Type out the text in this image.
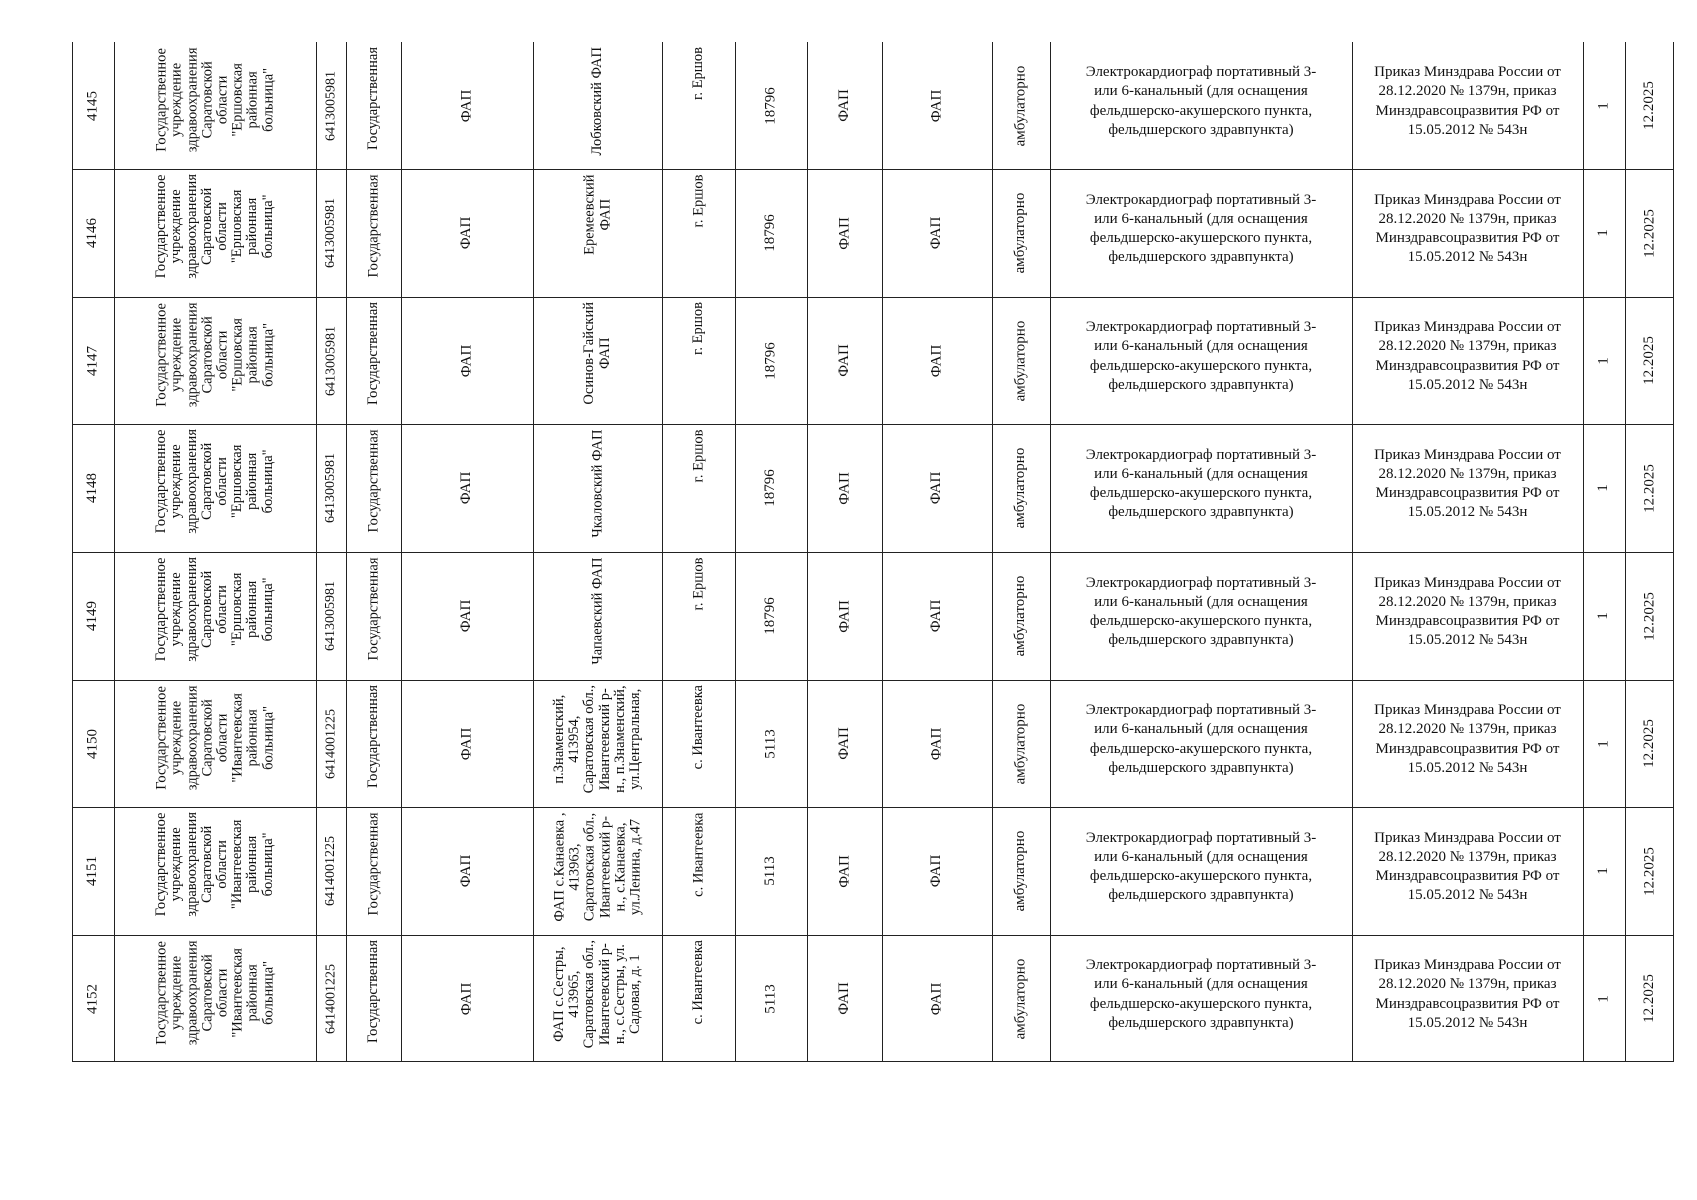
4145	Государственное
учреждение
здравоохранения
Саратовской
области
"Ершовская
районная
больница"	6413005981	Государственная	ФАП	Лобковский ФАП	г. Ершов
18796	ФАП	ФАП	амбулаторно	Электрокардиограф портативный 3-
или 6-канальный (для оснащения
фельдшерско-акушерского пункта,
фельдшерского здравпункта)
Приказ Минздрава России от
28.12.2020 № 1379н, приказ
Минздравсоцразвития РФ от
15.05.2012 № 543н
1	12.2025
4146	Государственное
учреждение
здравоохранения
Саратовской
области
"Ершовская
районная
больница"	6413005981	Государственная	ФАП	Еремеевский
ФАП	г. Ершов
18796	ФАП	ФАП	амбулаторно	Электрокардиограф портативный 3-
или 6-канальный (для оснащения
фельдшерско-акушерского пункта,
фельдшерского здравпункта)
Приказ Минздрава России от
28.12.2020 № 1379н, приказ
Минздравсоцразвития РФ от
15.05.2012 № 543н
1	12.2025
4147	Государственное
учреждение
здравоохранения
Саратовской
области
"Ершовская
районная
больница"	6413005981	Государственная	ФАП	Осинов-Гайский
ФАП	г. Ершов
18796	ФАП	ФАП	амбулаторно	Электрокардиограф портативный 3-
или 6-канальный (для оснащения
фельдшерско-акушерского пункта,
фельдшерского здравпункта)
Приказ Минздрава России от
28.12.2020 № 1379н, приказ
Минздравсоцразвития РФ от
15.05.2012 № 543н
1	12.2025
4148	Государственное
учреждение
здравоохранения
Саратовской
области
"Ершовская
районная
больница"	6413005981	Государственная	ФАП	Чкаловский ФАП	г. Ершов
18796	ФАП	ФАП	амбулаторно	Электрокардиограф портативный 3-
или 6-канальный (для оснащения
фельдшерско-акушерского пункта,
фельдшерского здравпункта)
Приказ Минздрава России от
28.12.2020 № 1379н, приказ
Минздравсоцразвития РФ от
15.05.2012 № 543н
1	12.2025
4149	Государственное
учреждение
здравоохранения
Саратовской
области
"Ершовская
районная
больница"	6413005981	Государственная	ФАП	Чапаевский ФАП	г. Ершов
18796	ФАП	ФАП	амбулаторно	Электрокардиограф портативный 3-
или 6-канальный (для оснащения
фельдшерско-акушерского пункта,
фельдшерского здравпункта)
Приказ Минздрава России от
28.12.2020 № 1379н, приказ
Минздравсоцразвития РФ от
15.05.2012 № 543н
1	12.2025
4150	Государственное
учреждение
здравоохранения
Саратовской
области
"Ивантеевская
районная
больница"	6414001225	Государственная	ФАП	п.Знаменский,
413954,
Саратовская обл.,
Ивантеевский р-
н., п.Знаменский,
ул.Центральная,	с. Ивантеевка	5113	ФАП	ФАП	амбулаторно	Электрокардиограф портативный 3-
или 6-канальный (для оснащения
фельдшерско-акушерского пункта,
фельдшерского здравпункта)
Приказ Минздрава России от
28.12.2020 № 1379н, приказ
Минздравсоцразвития РФ от
15.05.2012 № 543н
1	12.2025
4151	Государственное
учреждение
здравоохранения
Саратовской
области
"Ивантеевская
районная
больница"	6414001225	Государственная	ФАП
ФАП с.Канаевка ,
413963,
Саратовская обл.,
Ивантеевский р-
н., с.Канаевка,
ул.Ленина, д.47	с. Ивантеевка	5113	ФАП	ФАП	амбулаторно	Электрокардиограф портативный 3-
или 6-канальный (для оснащения
фельдшерско-акушерского пункта,
фельдшерского здравпункта)
Приказ Минздрава России от
28.12.2020 № 1379н, приказ
Минздравсоцразвития РФ от
15.05.2012 № 543н
1	12.2025
4152	Государственное
учреждение
здравоохранения
Саратовской
области
"Ивантеевская
районная
больница"	6414001225	Государственная	ФАП
ФАП с.Сестры,
413965,
Саратовская обл.,
Ивантеевский р-
н., с.Сестры, ул.
Садовая, д. 1	с. Ивантеевка	5113	ФАП	ФАП	амбулаторно	Электрокардиограф портативный 3-
или 6-канальный (для оснащения
фельдшерско-акушерского пункта,
фельдшерского здравпункта)
Приказ Минздрава России от
28.12.2020 № 1379н, приказ
Минздравсоцразвития РФ от
15.05.2012 № 543н
1	12.2025
